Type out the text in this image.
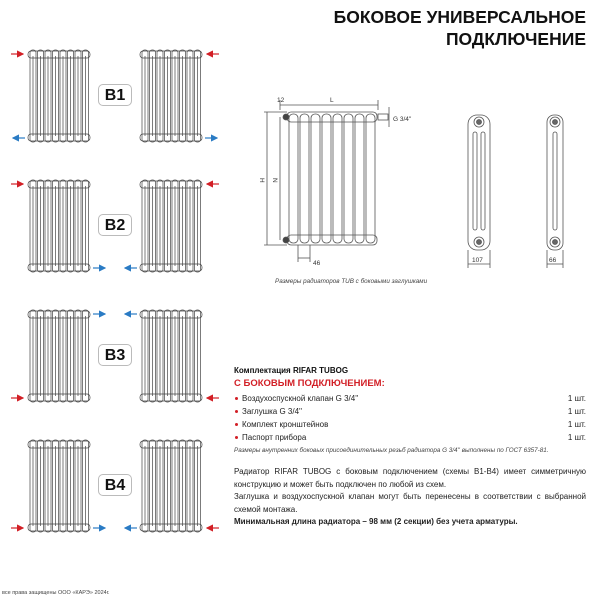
БОКОВОЕ УНИВЕРСАЛЬНОЕ
ПОДКЛЮЧЕНИЕ
B1
B2
B3
B4
12	L
G 3/4''
H N
46	107	66
Размеры радиаторов TUB с боковыми заглушками
Комплектация RIFAR TUBOG
С БОКОВЫМ ПОДКЛЮЧЕНИЕМ:
Воздухоспускной клапан G 3/4''	1 шт.
Заглушка G 3/4''	1 шт.
Комплект кронштейнов	1 шт.
Паспорт прибора	1 шт.
Размеры внутренних боковых присоединительных резьб радиатора G 3/4'' выполнены по ГОСТ 6357-81.

Радиатор RIFAR TUBOG с боковым подключением (схемы B1-B4) имеет симметричную конструкцию и может быть подключен по любой из схем.

Заглушка и воздухоспускной клапан могут быть перенесены в соответствии с выбранной схемой монтажа.

Минимальная длина радиатора – 98 мм (2 секции) без учета арматуры.
все права защищены ООО «КАРЭ» 2024г.
